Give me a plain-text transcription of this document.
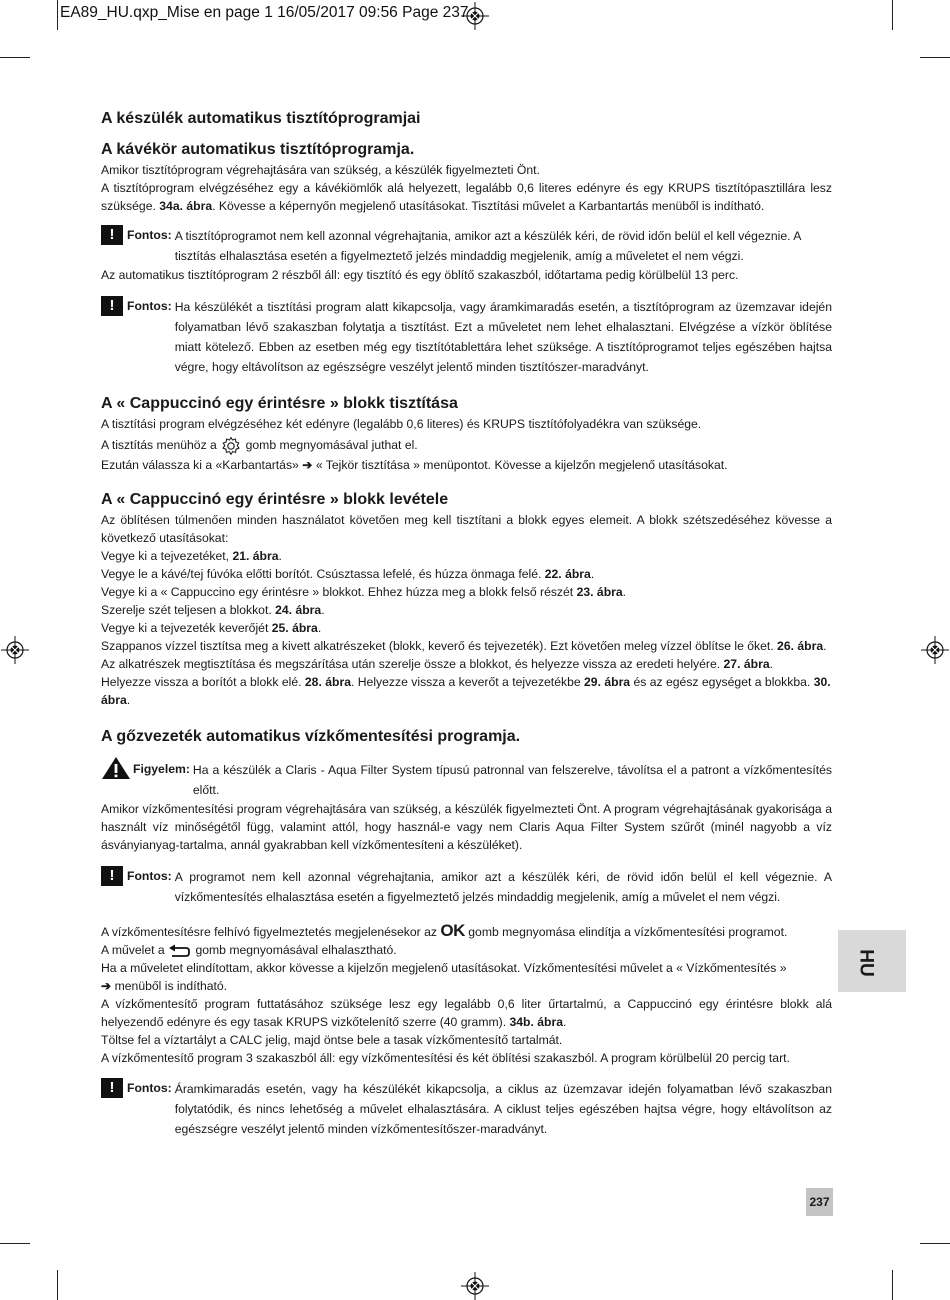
EA89_HU.qxp_Mise en page 1 16/05/2017 09:56 Page 237

A készülék automatikus tisztítóprogramjai

A kávékör automatikus tisztítóprogramja.

Amikor tisztítóprogram végrehajtására van szükség, a készülék figyelmezteti Önt.

A tisztítóprogram elvégzéséhez egy a kávékiömlők alá helyezett, legalább 0,6 literes edényre és egy KRUPS tisztítópasztillára lesz szüksége. 34a. ábra. Kövesse a képernyőn megjelenő utasításokat. Tisztítási művelet a Karbantartás menüből is indítható.

!	Fontos: A tisztítóprogramot nem kell azonnal végrehajtania, amikor azt a készülék kéri, de rövid időn belül el kell végeznie. A tisztítás elhalasztása esetén a figyelmeztető jelzés mindaddig megjelenik, amíg a műveletet el nem végzi.

Az automatikus tisztítóprogram 2 részből áll: egy tisztító és egy öblítő szakaszból, időtartama pedig körülbelül 13 perc.

!	Fontos: Ha készülékét a tisztítási program alatt kikapcsolja, vagy áramkimaradás esetén, a tisztítóprogram az üzemzavar idején folyamatban lévő szakaszban folytatja a tisztítást. Ezt a műveletet nem lehet elhalasztani. Elvégzése a vízkör öblítése miatt kötelező. Ebben az esetben még egy tisztítótablettára lehet szüksége. A tisztítóprogramot teljes egészében hajtsa végre, hogy eltávolítson az egészségre veszélyt jelentő minden tisztítószer-maradványt.

A « Cappuccinó egy érintésre » blokk tisztítása

A tisztítási program elvégzéséhez két edényre (legalább 0,6 literes) és KRUPS tisztítófolyadékra van szüksége.

A tisztítás menühöz a  gomb megnyomásával juthat el.

Ezután válassza ki a «Karbantartás» ➔ « Tejkör tisztítása » menüpontot. Kövesse a kijelzőn megjelenő utasításokat.

A « Cappuccinó egy érintésre » blokk levétele

Az öblítésen túlmenően minden használatot követően meg kell tisztítani a blokk egyes elemeit. A blokk szétszedéséhez kövesse a következő utasításokat:

Vegye ki a tejvezetéket, 21. ábra.

Vegye le a kávé/tej fúvóka előtti borítót. Csúsztassa lefelé, és húzza önmaga felé. 22. ábra.

Vegye ki a « Cappuccino egy érintésre » blokkot. Ehhez húzza meg a blokk felső részét 23. ábra.

Szerelje szét teljesen a blokkot. 24. ábra.

Vegye ki a tejvezeték keverőjét 25. ábra.

Szappanos vízzel tisztítsa meg a kivett alkatrészeket (blokk, keverő és tejvezeték). Ezt követően meleg vízzel öblítse le őket. 26. ábra.

Az alkatrészek megtisztítása és megszárítása után szerelje össze a blokkot, és helyezze vissza az eredeti helyére. 27. ábra.

Helyezze vissza a borítót a blokk elé. 28. ábra. Helyezze vissza a keverőt a tejvezetékbe 29. ábra és az egész egységet a blokkba. 30. ábra.

A gőzvezeték automatikus vízkőmentesítési programja.

Figyelem: Ha a készülék a Claris - Aqua Filter System típusú patronnal van felszerelve, távolítsa el a patront a vízkőmentesítés előtt.

Amikor vízkőmentesítési program végrehajtására van szükség, a készülék figyelmezteti Önt. A program végrehajtásának gyakorisága a használt víz minőségétől függ, valamint attól, hogy használ-e vagy nem Claris Aqua Filter System szűrőt (minél nagyobb a víz ásványianyag-tartalma, annál gyakrabban kell vízkőmentesíteni a készüléket).

!	Fontos: A programot nem kell azonnal végrehajtania, amikor azt a készülék kéri, de rövid időn belül el kell végeznie. A vízkőmentesítés elhalasztása esetén a figyelmeztető jelzés mindaddig megjelenik, amíg a művelet el nem végzi.

A vízkőmentesítésre felhívó figyelmeztetés megjelenésekor az OK gomb megnyomása elindítja a vízkőmentesítési programot.

A művelet a  gomb megnyomásával elhalasztható.

Ha a műveletet elindítottam, akkor kövesse a kijelzőn megjelenő utasításokat. Vízkőmentesítési művelet a « Vízkőmentesítés »
➔ menüből is indítható.

A vízkőmentesítő program futtatásához szüksége lesz egy legalább 0,6 liter űrtartalmú, a Cappuccinó egy érintésre blokk alá helyezendő edényre és egy tasak KRUPS vizkőtelenítő szerre (40 gramm). 34b. ábra.

Töltse fel a víztartályt a CALC jelig, majd öntse bele a tasak vízkőmentesítő tartalmát.

A vízkőmentesítő program 3 szakaszból áll: egy vízkőmentesítési és két öblítési szakaszból. A program körülbelül 20 percig tart.

!	Fontos: Áramkimaradás esetén, vagy ha készülékét kikapcsolja, a ciklus az üzemzavar idején folyamatban lévő szakaszban folytatódik, és nincs lehetőség a művelet elhalasztására. A ciklust teljes egészében hajtsa végre, hogy eltávolítson az egészségre veszélyt jelentő minden vízkőmentesítőszer-maradványt.
HU
237
